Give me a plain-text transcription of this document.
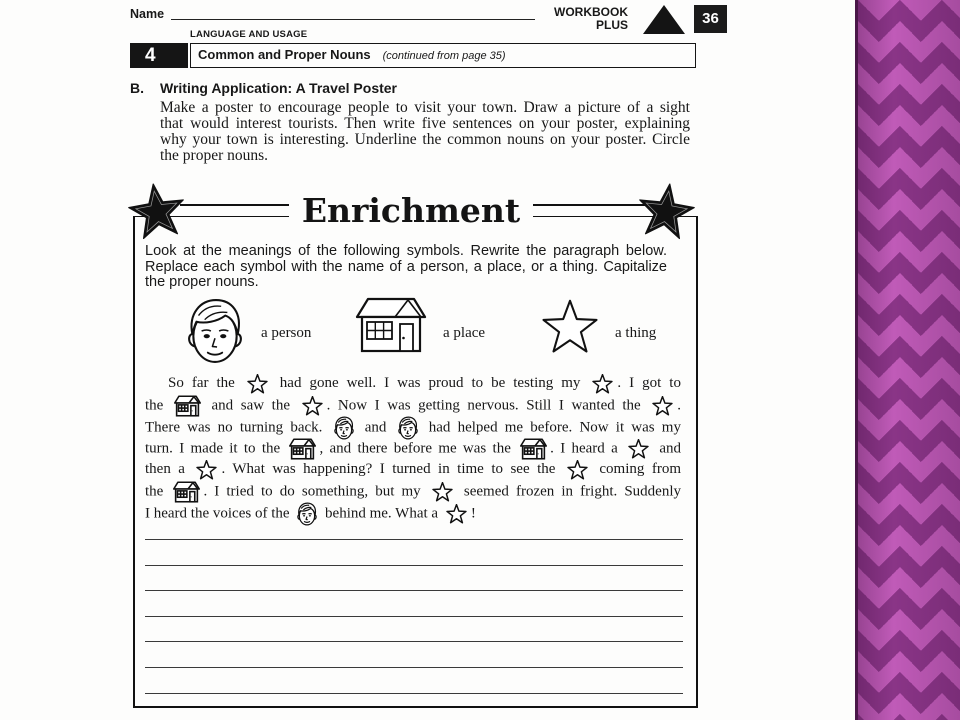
Name	WORKBOOK
PLUS	36
LANGUAGE AND USAGE
4	Common and Proper Nouns (continued from page 35)
B. Writing Application: A Travel Poster
Make a poster to encourage people to visit your town. Draw a picture of a sight
that would interest tourists. Then write five sentences on your poster, explaining
why your town is interesting. Underline the common nouns on your poster. Circle
the proper nouns.
Enrichment
Look at the meanings of the following symbols. Rewrite the paragraph below.
Replace each symbol with the name of a person, a place, or a thing. Capitalize
the proper nouns.
a person	a place	a thing
So far the
had gone well. I was proud to be testing my
. I got to
the
and saw the
. Now I was getting nervous. Still I wanted the
.
There was no turning back.
and
had helped me before. Now it was my
turn. I made it to the
, and there before me was the
. I heard a
and
then a
. What was happening? I turned in time to see the
coming from
the
. I tried to do something, but my
seemed frozen in fright. Suddenly
I heard the voices of the
behind me. What a
!
